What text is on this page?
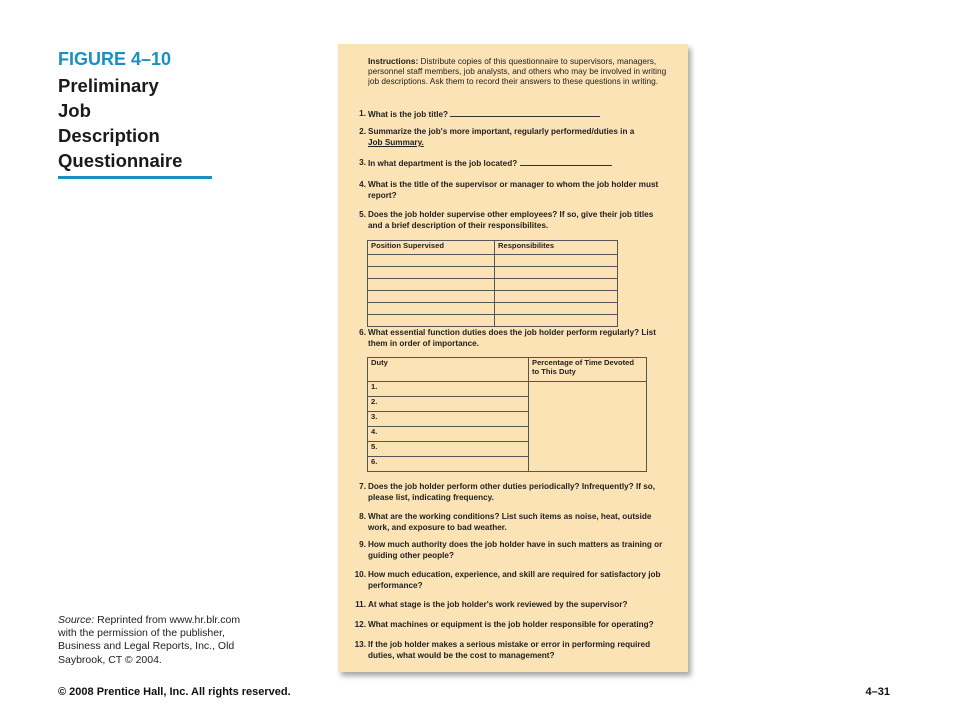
FIGURE 4–10
Preliminary
Job
Description
Questionnaire
Source: Reprinted from www.hr.blr.com with the permission of the publisher, Business and Legal Reports, Inc., Old Saybrook, CT © 2004.
© 2008 Prentice Hall, Inc. All rights reserved.	4–31
Instructions: Distribute copies of this questionnaire to supervisors, managers, personnel staff members, job analysts, and others who may be involved in writing job descriptions. Ask them to record their answers to these questions in writing.
1. What is the job title?
2. Summarize the job's more important, regularly performed/duties in a Job Summary.
3. In what department is the job located?
4. What is the title of the supervisor or manager to whom the job holder must report?
5. Does the job holder supervise other employees? If so, give their job titles and a brief description of their responsibilites.
Position Supervised	Responsibilites

6. What essential function duties does the job holder perform regularly? List them in order of importance.
Duty	Percentage of Time Devoted to This Duty
1.	
2.	
3.	
4.	
5.	
6.	
7. Does the job holder perform other duties periodically? Infrequently? If so, please list, indicating frequency.
8. What are the working conditions? List such items as noise, heat, outside work, and exposure to bad weather.
9. How much authority does the job holder have in such matters as training or guiding other people?
10. How much education, experience, and skill are required for satisfactory job performance?
11. At what stage is the job holder's work reviewed by the supervisor?
12. What machines or equipment is the job holder responsible for operating?
13. If the job holder makes a serious mistake or error in performing required duties, what would be the cost to management?
